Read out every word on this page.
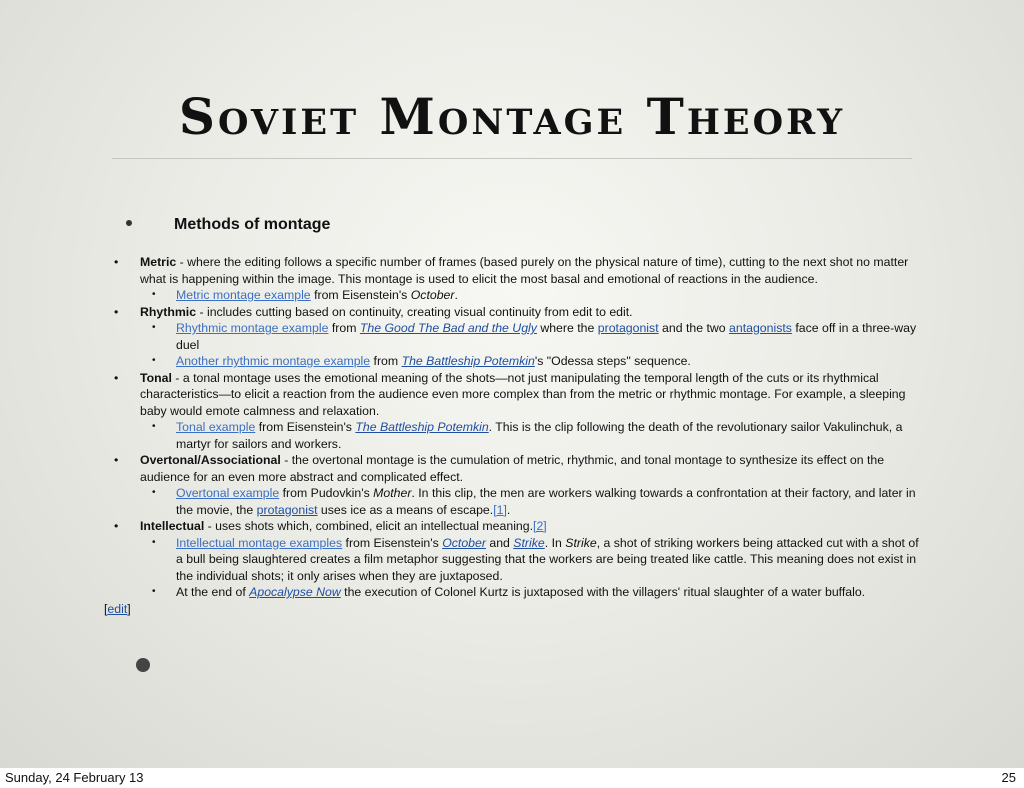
Soviet Montage Theory
Methods of montage
• Metric - where the editing follows a specific number of frames (based purely on the physical nature of time), cutting to the next shot no matter what is happening within the image. This montage is used to elicit the most basal and emotional of reactions in the audience.
• Metric montage example from Eisenstein's October.
• Rhythmic - includes cutting based on continuity, creating visual continuity from edit to edit.
• Rhythmic montage example from The Good The Bad and the Ugly where the protagonist and the two antagonists face off in a three-way duel
• Another rhythmic montage example from The Battleship Potemkin's "Odessa steps" sequence.
• Tonal - a tonal montage uses the emotional meaning of the shots—not just manipulating the temporal length of the cuts or its rhythmical characteristics—to elicit a reaction from the audience even more complex than from the metric or rhythmic montage. For example, a sleeping baby would emote calmness and relaxation.
• Tonal example from Eisenstein's The Battleship Potemkin. This is the clip following the death of the revolutionary sailor Vakulinchuk, a martyr for sailors and workers.
• Overtonal/Associational - the overtonal montage is the cumulation of metric, rhythmic, and tonal montage to synthesize its effect on the audience for an even more abstract and complicated effect.
• Overtonal example from Pudovkin's Mother. In this clip, the men are workers walking towards a confrontation at their factory, and later in the movie, the protagonist uses ice as a means of escape.[1].
• Intellectual - uses shots which, combined, elicit an intellectual meaning.[2]
• Intellectual montage examples from Eisenstein's October and Strike. In Strike, a shot of striking workers being attacked cut with a shot of a bull being slaughtered creates a film metaphor suggesting that the workers are being treated like cattle. This meaning does not exist in the individual shots; it only arises when they are juxtaposed.
• At the end of Apocalypse Now the execution of Colonel Kurtz is juxtaposed with the villagers' ritual slaughter of a water buffalo.
[edit]
Sunday, 24 February 13	25
